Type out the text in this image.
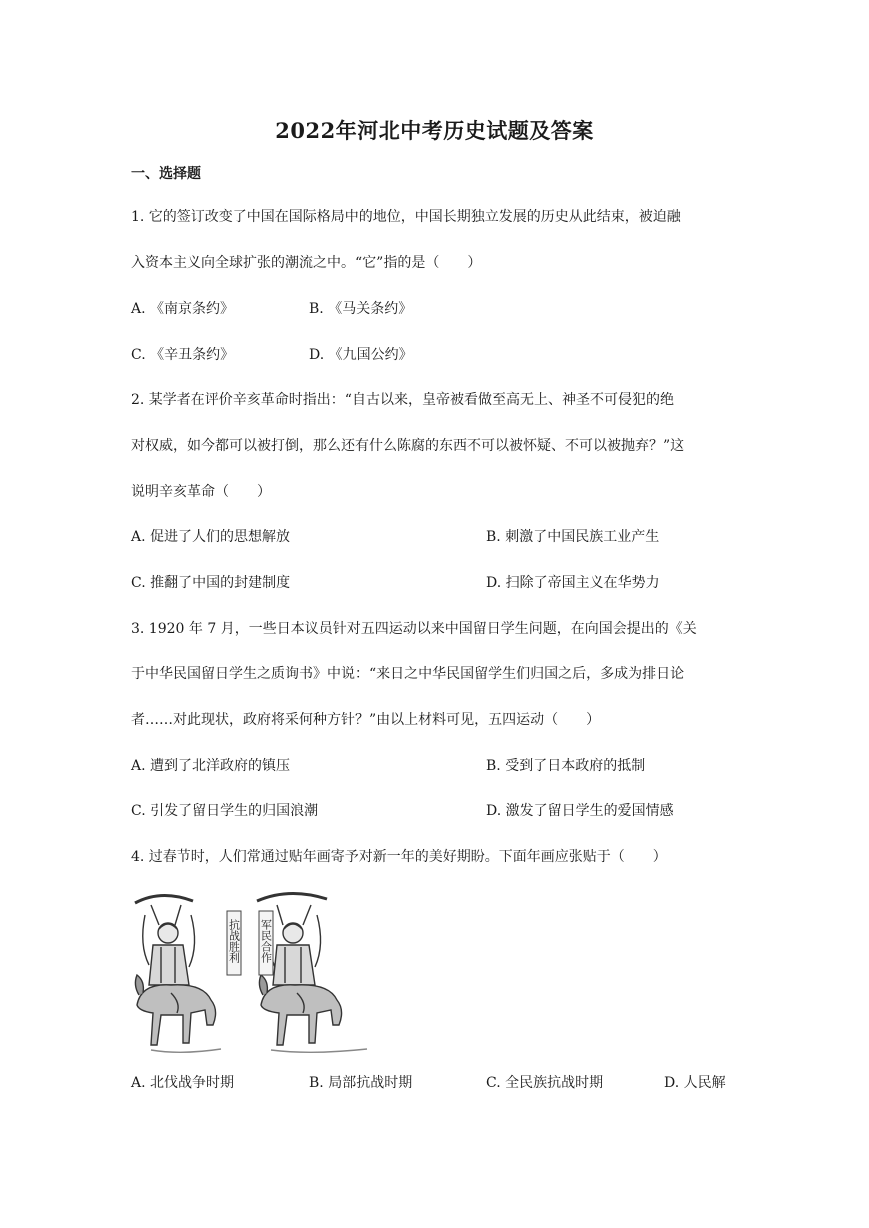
2022年河北中考历史试题及答案
一、选择题
1. 它的签订改变了中国在国际格局中的地位，中国长期独立发展的历史从此结束，被迫融
入资本主义向全球扩张的潮流之中。“它”指的是（　　）
A. 《南京条约》	B. 《马关条约》
C. 《辛丑条约》	D. 《九国公约》
2. 某学者在评价辛亥革命时指出：“自古以来，皇帝被看做至高无上、神圣不可侵犯的绝
对权威，如今都可以被打倒，那么还有什么陈腐的东西不可以被怀疑、不可以被抛弃？”这
说明辛亥革命（　　）
A. 促进了人们的思想解放	B. 刺激了中国民族工业产生
C. 推翻了中国的封建制度	D. 扫除了帝国主义在华势力
3. 1920 年 7 月，一些日本议员针对五四运动以来中国留日学生问题，在向国会提出的《关
于中华民国留日学生之质询书》中说：“来日之中华民国留学生们归国之后，多成为排日论
者……对此现状，政府将采何种方针？”由以上材料可见，五四运动（　　）
A. 遭到了北洋政府的镇压	B. 受到了日本政府的抵制
C. 引发了留日学生的归国浪潮	D. 激发了留日学生的爱国情感
4. 过春节时，人们常通过贴年画寄予对新一年的美好期盼。下面年画应张贴于（　　）
抗战胜利 军民合作
A. 北伐战争时期	B. 局部抗战时期	C. 全民族抗战时期	D. 人民解
